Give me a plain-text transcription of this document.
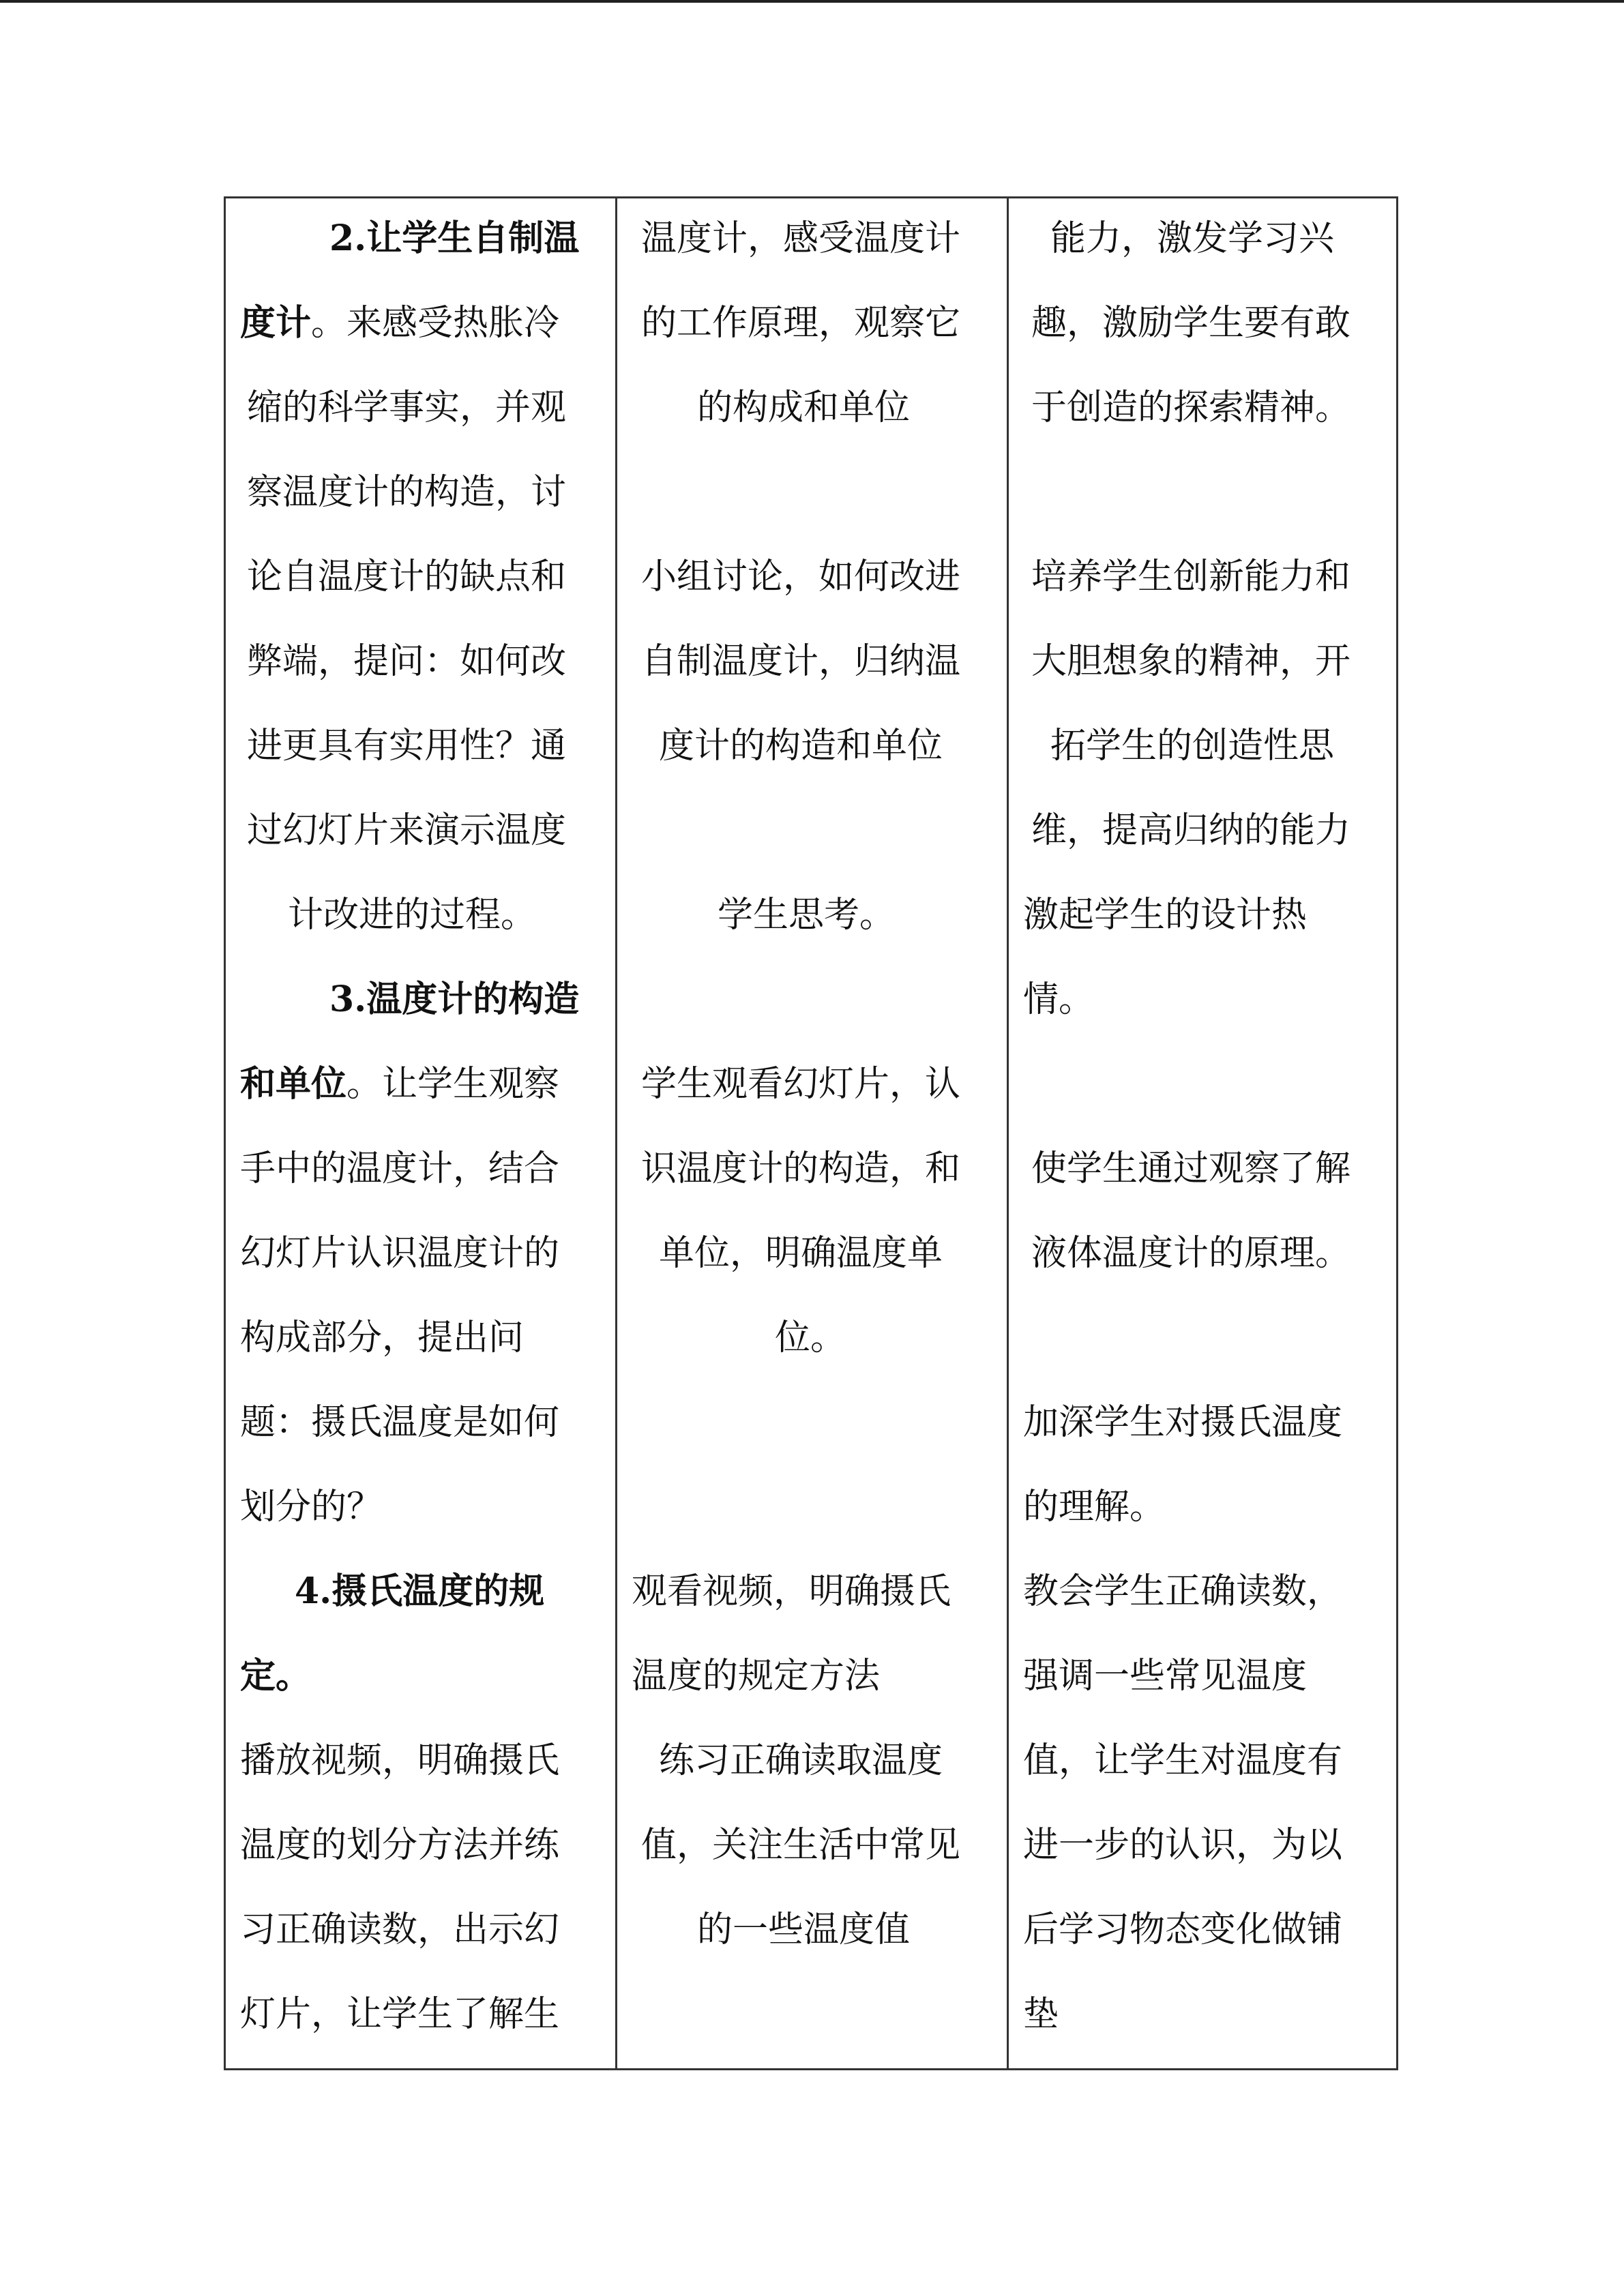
2.让学生自制温
度计。来感受热胀冷
缩的科学事实，并观
察温度计的构造，讨
论自温度计的缺点和
弊端，提问：如何改
进更具有实用性？通
过幻灯片来演示温度
计改进的过程。
3.温度计的构造
和单位。让学生观察
手中的温度计，结合
幻灯片认识温度计的
构成部分，提出问
题：摄氏温度是如何
划分的？
4.摄氏温度的规
定。
播放视频，明确摄氏
温度的划分方法并练
习正确读数，出示幻
灯片，让学生了解生
温度计，感受温度计
的工作原理，观察它
的构成和单位
小组讨论，如何改进
自制温度计，归纳温
度计的构造和单位
学生思考。
学生观看幻灯片，认
识温度计的构造，和
单位，明确温度单
位。
观看视频，明确摄氏
温度的规定方法
练习正确读取温度
值，关注生活中常见
的一些温度值
能力，激发学习兴
趣，激励学生要有敢
于创造的探索精神。
培养学生创新能力和
大胆想象的精神，开
拓学生的创造性思
维，提高归纳的能力
激起学生的设计热
情。
使学生通过观察了解
液体温度计的原理。
加深学生对摄氏温度
的理解。
教会学生正确读数，
强调一些常见温度
值，让学生对温度有
进一步的认识，为以
后学习物态变化做铺
垫
